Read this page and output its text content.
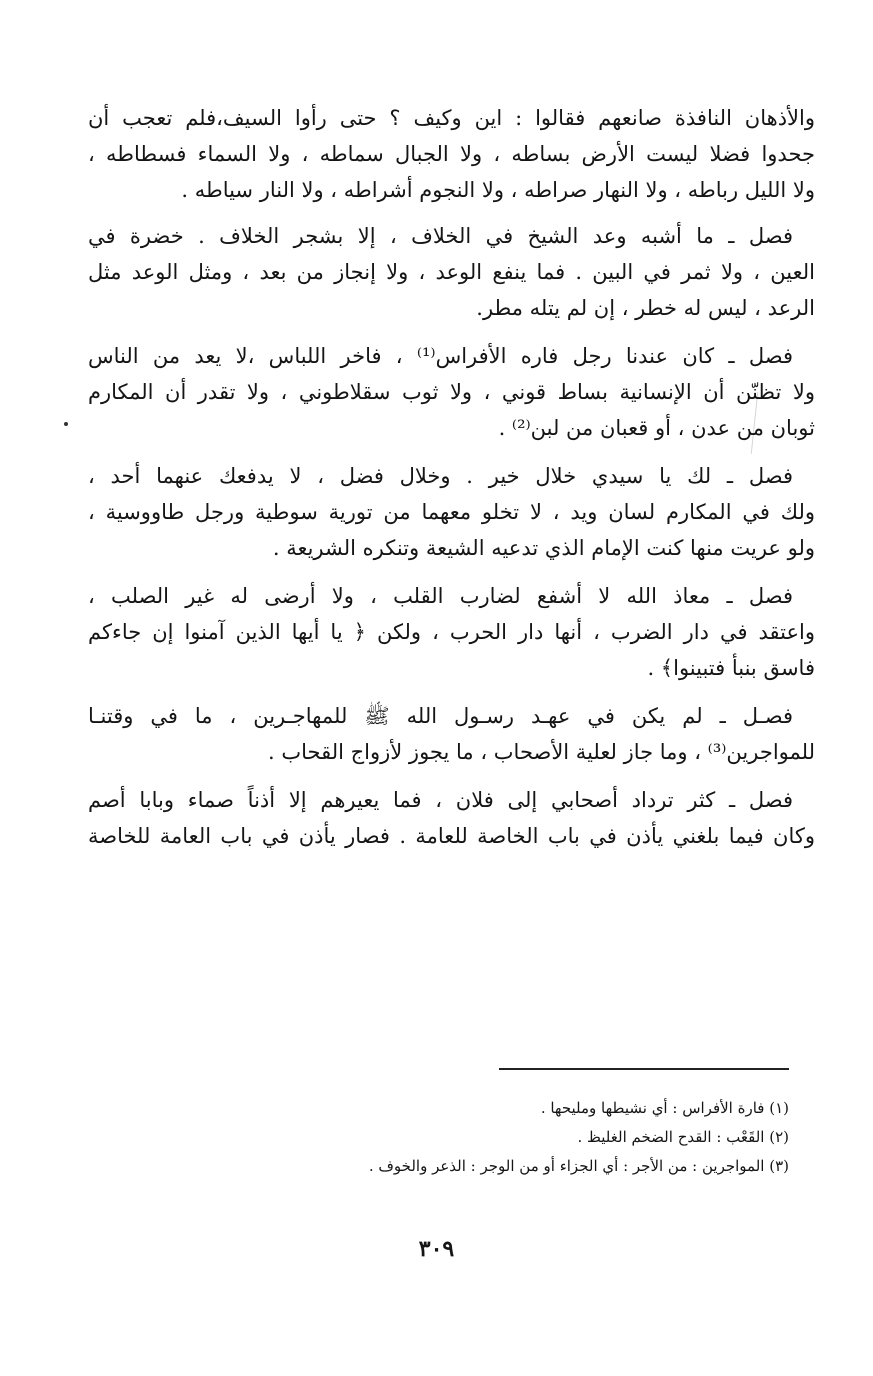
والأذهان النافذة صانعهم فقالوا : اين وكيف ؟ حتى رأوا السيف،فلم تعجب أن
جحدوا فضلا ليست الأرض بساطه ، ولا الجبال سماطه ، ولا السماء فسطاطه ،
ولا الليل رباطه ، ولا النهار صراطه ، ولا النجوم أشراطه ، ولا النار سياطه .
فصل ـ ما أشبه وعد الشيخ في الخلاف ، إلا بشجر الخلاف . خضرة في
العين ، ولا ثمر في البين . فما ينفع الوعد ، ولا إنجاز من بعد ، ومثل الوعد مثل
الرعد ، ليس له خطر ، إن لم يتله مطر.
فصل ـ كان عندنا رجل فاره الأفراس⁽¹⁾ ، فاخر اللباس ،لا يعد من الناس
ولا تظنّن أن الإنسانية بساط قوني ، ولا ثوب سقلاطوني ، ولا تقدر أن المكارم
ثوبان من عدن ، أو قعبان من لبن⁽²⁾ .
فصل ـ لك يا سيدي خلال خير . وخلال فضل ، لا يدفعك عنهما أحد ،
ولك في المكارم لسان ويد ، لا تخلو معهما من تورية سوطية ورجل طاووسية ،
ولو عريت منها كنت الإمام الذي تدعيه الشيعة وتنكره الشريعة .
فصل ـ معاذ الله لا أشفع لضارب القلب ، ولا أرضى له غير الصلب ،
واعتقد في دار الضرب ، أنها دار الحرب ، ولكن ﴿ يا أيها الذين آمنوا إن جاءكم
فاسق بنبأ فتبينوا﴾ .
فصـل ـ لم يكن في عهـد رسـول الله ﷺ للمهاجـرين ، ما في وقتنـا
للمواجرين⁽³⁾ ، وما جاز لعلية الأصحاب ، ما يجوز لأزواج القحاب .
فصل ـ كثر ترداد أصحابي إلى فلان ، فما يعيرهم إلا أذناً صماء وبابا أصم
وكان فيما بلغني يأذن في باب الخاصة للعامة . فصار يأذن في باب العامة للخاصة
(١) فارة الأفراس : أي نشيطها ومليحها .
(٢) القَعْب : القدح الضخم الغليظ .
(٣) المواجرين : من الأجر : أي الجزاء أو من الوجر : الذعر والخوف .
٣٠٩
